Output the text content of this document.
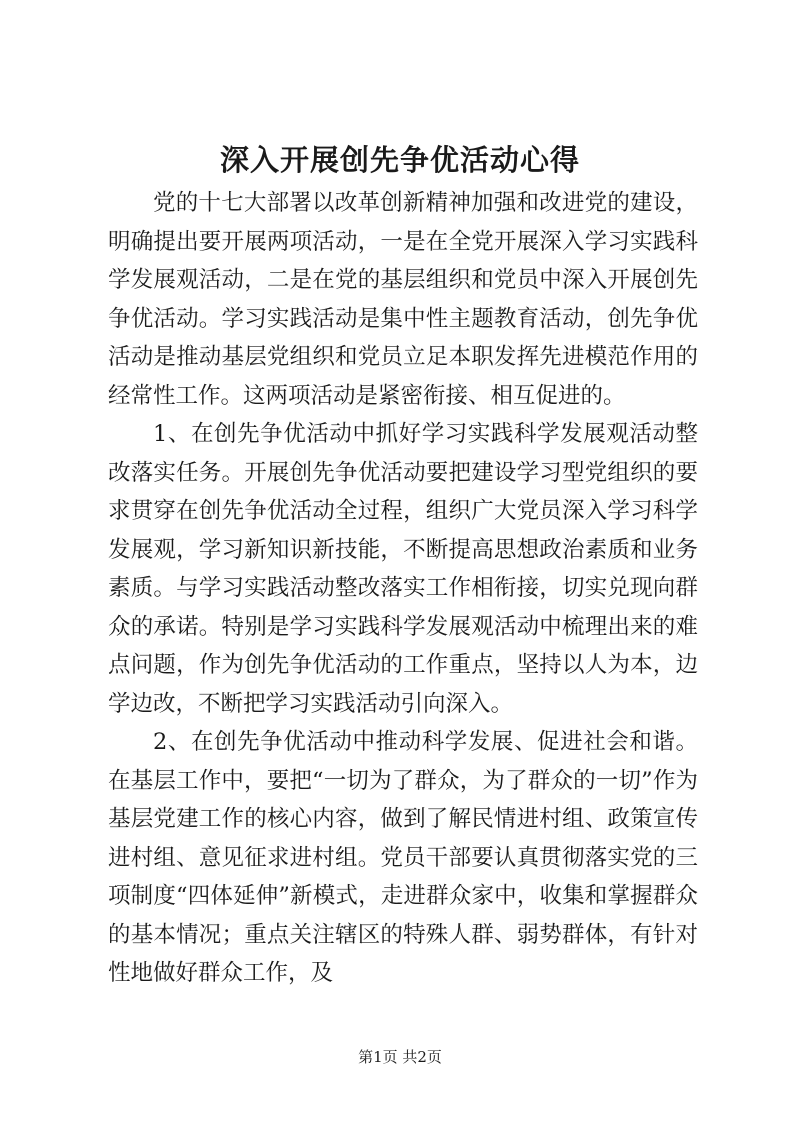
深入开展创先争优活动心得

党的十七大部署以改革创新精神加强和改进党的建设，明确提出要开展两项活动，一是在全党开展深入学习实践科学发展观活动，二是在党的基层组织和党员中深入开展创先争优活动。学习实践活动是集中性主题教育活动，创先争优活动是推动基层党组织和党员立足本职发挥先进模范作用的经常性工作。这两项活动是紧密衔接、相互促进的。

1、在创先争优活动中抓好学习实践科学发展观活动整改落实任务。开展创先争优活动要把建设学习型党组织的要求贯穿在创先争优活动全过程，组织广大党员深入学习科学发展观，学习新知识新技能，不断提高思想政治素质和业务素质。与学习实践活动整改落实工作相衔接，切实兑现向群众的承诺。特别是学习实践科学发展观活动中梳理出来的难点问题，作为创先争优活动的工作重点，坚持以人为本，边学边改，不断把学习实践活动引向深入。

2、在创先争优活动中推动科学发展、促进社会和谐。在基层工作中，要把“一切为了群众，为了群众的一切”作为基层党建工作的核心内容，做到了解民情进村组、政策宣传进村组、意见征求进村组。党员干部要认真贯彻落实党的三项制度“四体延伸”新模式，走进群众家中，收集和掌握群众的基本情况；重点关注辖区的特殊人群、弱势群体，有针对性地做好群众工作，及

第1页 共2页
